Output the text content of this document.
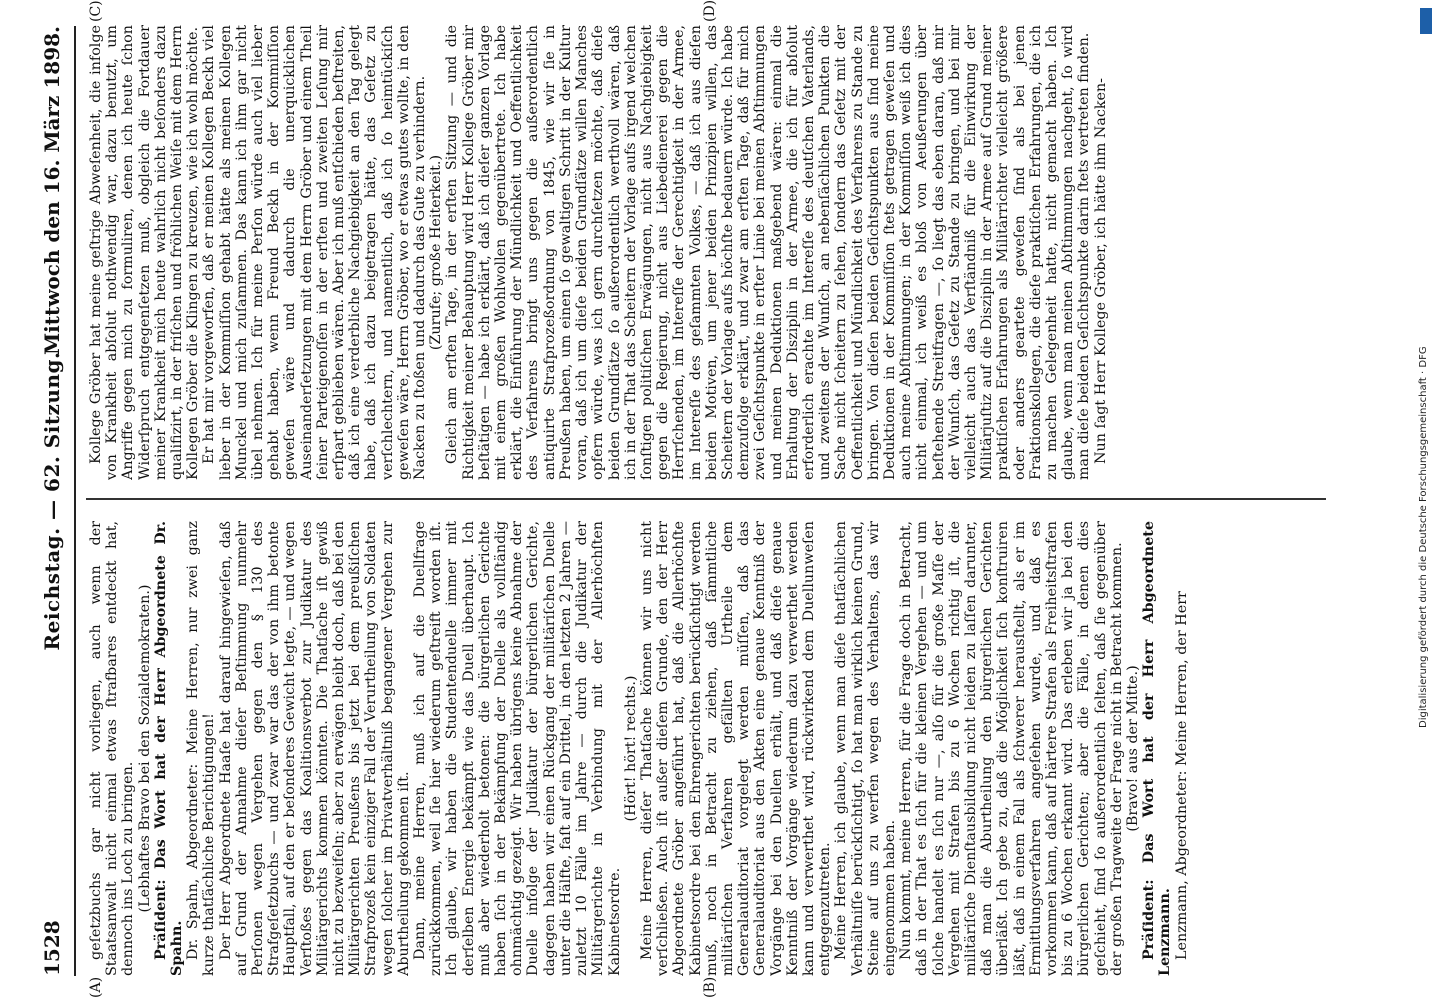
1528
Reichstag. — 62. Sitzung.
Mittwoch den 16. März 1898.
(A)	(B)
(C)	(D)

geſetzbuchs gar nicht vorliegen, auch wenn der Staatsanwalt nicht einmal etwas ſtrafbares entdeckt hat, dennoch ins Loch zu bringen. (Lebhaftes Bravo bei den Sozialdemokraten.) Präſident: Das Wort hat der Herr Abgeordnete Dr. Spahn. Dr. Spahn, Abgeordneter: Meine Herren, nur zwei ganz kurze thatſächliche Berichtigungen! Der Herr Abgeordnete Haaſe hat darauf hingewieſen, daß auf Grund der Annahme dieſer Beſtimmung nunmehr Perſonen wegen Vergehen gegen den § 130 des Strafgeſetzbuchs — und zwar war das der von ihm betonte Hauptfall, auf den er beſonderes Gewicht legte, — und wegen Verſtoßes gegen das Koalitionsverbot zur Judikatur des Militärgerichts kommen könnten. Die Thatſache iſt gewiß nicht zu bezweifeln; aber zu erwägen bleibt doch, daß bei den Militärgerichten Preußens bis jetzt bei dem preußiſchen Strafprozeß kein einziger Fall der Verurtheilung von Soldaten wegen ſolcher im Privatverhältniß begangener Vergehen zur Aburtheilung gekommen iſt. Dann, meine Herren, muß ich auf die Duellfrage zurückkommen, weil ſie hier wiederum geſtreift worden iſt. Ich glaube, wir haben die Studentenduelle immer mit derſelben Energie bekämpft wie das Duell überhaupt. Ich muß aber wiederholt betonen: die bürgerlichen Gerichte haben ſich in der Bekämpfung der Duelle als vollſtändig ohnmächtig gezeigt. Wir haben übrigens keine Abnahme der Duelle infolge der Judikatur der bürgerlichen Gerichte, dagegen haben wir einen Rückgang der militäriſchen Duelle unter die Hälfte, faſt auf ein Drittel, in den letzten 2 Jahren — zuletzt 10 Fälle im Jahre — durch die Judikatur der Militärgerichte in Verbindung mit der Allerhöchſten Kabinetsordre.

(Hört! hört! rechts.) Meine Herren, dieſer Thatſache können wir uns nicht verſchließen. Auch iſt außer dieſem Grunde, den der Herr Abgeordnete Gröber angeführt hat, daß die Allerhöchſte Kabinetsordre bei den Ehrengerichten berückſichtigt werden muß, noch in Betracht zu ziehen, daß ſämmtliche militäriſchen Verfahren gefällten Urtheile dem Generalauditoriat vorgelegt werden müſſen, daß das Generalauditoriat aus den Akten eine genaue Kenntniß der Vorgänge bei den Duellen erhält, und daß dieſe genaue Kenntniß der Vorgänge wiederum dazu verwerthet werden kann und verwerthet wird, rückwirkend dem Duellunweſen entgegenzutreten. Meine Herren, ich glaube, wenn man dieſe thatſächlichen Verhältniſſe berückſichtigt, ſo hat man wirklich keinen Grund, Steine auf uns zu werfen wegen des Verhaltens, das wir eingenommen haben. Nun kommt, meine Herren, für die Frage doch in Betracht, daß in der That es ſich für die kleinen Vergehen — und um ſolche handelt es ſich nur —, alſo für die große Maſſe der Vergehen mit Strafen bis zu 6 Wochen richtig iſt, die militäriſche Dienſtausbildung nicht leiden zu laſſen darunter, daß man die Aburtheilung den bürgerlichen Gerichten überläßt. Ich gebe zu, daß die Möglichkeit ſich konſtruiren läßt, daß in einem Fall als ſchwerer herausſtellt, als er im Ermittlungsverfahren angeſehen wurde, und daß es vorkommen kann, daß auf härtere Strafen als Freiheitsſtrafen bis zu 6 Wochen erkannt wird. Das erleben wir ja bei den bürgerlichen Gerichten; aber die Fälle, in denen dies geſchieht, ſind ſo außerordentlich ſelten, daß ſie gegenüber der großen Tragweite der Frage nicht in Betracht kommen. (Bravo! aus der Mitte.) Präſident: Das Wort hat der Herr Abgeordnete Lenzmann. Lenzmann, Abgeordneter: Meine Herren, der Herr

Kollege Gröber hat meine geſtrige Abweſenheit, die infolge von Krankheit abſolut nothwendig war, dazu benutzt, um Angriffe gegen mich zu formuliren, denen ich heute ſchon Widerſpruch entgegenſetzen muß, obgleich die Fortdauer meiner Krankheit mich heute wahrlich nicht beſonders dazu qualifizirt, in der friſchen und fröhlichen Weiſe mit dem Herrn Kollegen Gröber die Klingen zu kreuzen, wie ich wohl möchte. Er hat mir vorgeworfen, daß er meinen Kollegen Beckh viel lieber in der Kommiſſion gehabt hätte als meinen Kollegen Munckel und mich zuſammen. Das kann ich ihm gar nicht übel nehmen. Ich für meine Perſon würde auch viel lieber gehabt haben, wenn Freund Beckh in der Kommiſſion geweſen wäre und dadurch die unerquicklichen Auseinanderſetzungen mit dem Herrn Gröber und einem Theil ſeiner Parteigenoſſen in der erſten und zweiten Leſung mir erſpart geblieben wären. Aber ich muß entſchieden beſtreiten, daß ich eine verderbliche Nachgiebigkeit an den Tag gelegt habe, daß ich dazu beigetragen hätte, das Geſetz zu verſchlechtern, und namentlich, daß ich ſo heimtückiſch geweſen wäre, Herrn Gröber, wo er etwas gutes wollte, in den Nacken zu ſtoßen und dadurch das Gute zu verhindern. (Zurufe; große Heiterkeit.) Gleich am erſten Tage, in der erſten Sitzung — und die Richtigkeit meiner Behauptung wird Herr Kollege Gröber mir beſtätigen — habe ich erklärt, daß ich dieſer ganzen Vorlage mit einem großen Wohlwollen gegenübertrete. Ich habe erklärt, die Einführung der Mündlichkeit und Oeffentlichkeit des Verfahrens bringt uns gegen die außerordentlich antiquirte Strafprozeßordnung von 1845, wie wir ſie in Preußen haben, um einen ſo gewaltigen Schritt in der Kultur voran, daß ich um dieſe beiden Grundſätze willen Manches opfern würde, was ich gern durchſetzen möchte, daß dieſe beiden Grundſätze ſo außerordentlich werthvoll wären, daß ich in der That das Scheitern der Vorlage aufs irgend welchen ſonſtigen politiſchen Erwägungen, nicht aus Nachgiebigkeit gegen die Regierung, nicht aus Liebedienerei gegen die Herrſchenden, im Intereſſe der Gerechtigkeit in der Armee, im Intereſſe des geſammten Volkes, — daß ich aus dieſen beiden Motiven, um jener beiden Prinzipien willen, das Scheitern der Vorlage aufs höchſte bedauern würde. Ich habe demzufolge erklärt, und zwar am erſten Tage, daß für mich zwei Geſichtspunkte in erſter Linie bei meinen Abſtimmungen und meinen Deduktionen maßgebend wären: einmal die Erhaltung der Disziplin in der Armee, die ich für abſolut erforderlich erachte im Intereſſe des deutſchen Vaterlands, und zweitens der Wunſch, an nebenſächlichen Punkten die Sache nicht ſcheitern zu ſehen, ſondern das Geſetz mit der Oeffentlichkeit und Mündlichkeit des Verfahrens zu Stande zu bringen. Von dieſen beiden Geſichtspunkten aus ſind meine Deduktionen in der Kommiſſion ſtets getragen geweſen und auch meine Abſtimmungen; in der Kommiſſion weiß ich dies nicht einmal, ich weiß es bloß von Aeußerungen über beſtehende Streitfragen —, ſo liegt das eben daran, daß mir der Wunſch, das Geſetz zu Stande zu bringen, und bei mir vielleicht auch das Verſtändniß für die Einwirkung der Militärjuſtiz auf die Disziplin in der Armee auf Grund meiner praktiſchen Erfahrungen als Militärrichter vielleicht größere oder anders geartete geweſen ſind als bei jenen Fraktionskollegen, die dieſe praktiſchen Erfahrungen, die ich zu machen Gelegenheit hatte, nicht gemacht haben. Ich glaube, wenn man meinen Abſtimmungen nachgeht, ſo wird man dieſe beiden Geſichtspunkte darin ſtets vertreten finden. Nun ſagt Herr Kollege Gröber, ich hätte ihm Nacken-

Digitalisierung gefördert durch die Deutsche Forschungsgemeinschaft · DFG
